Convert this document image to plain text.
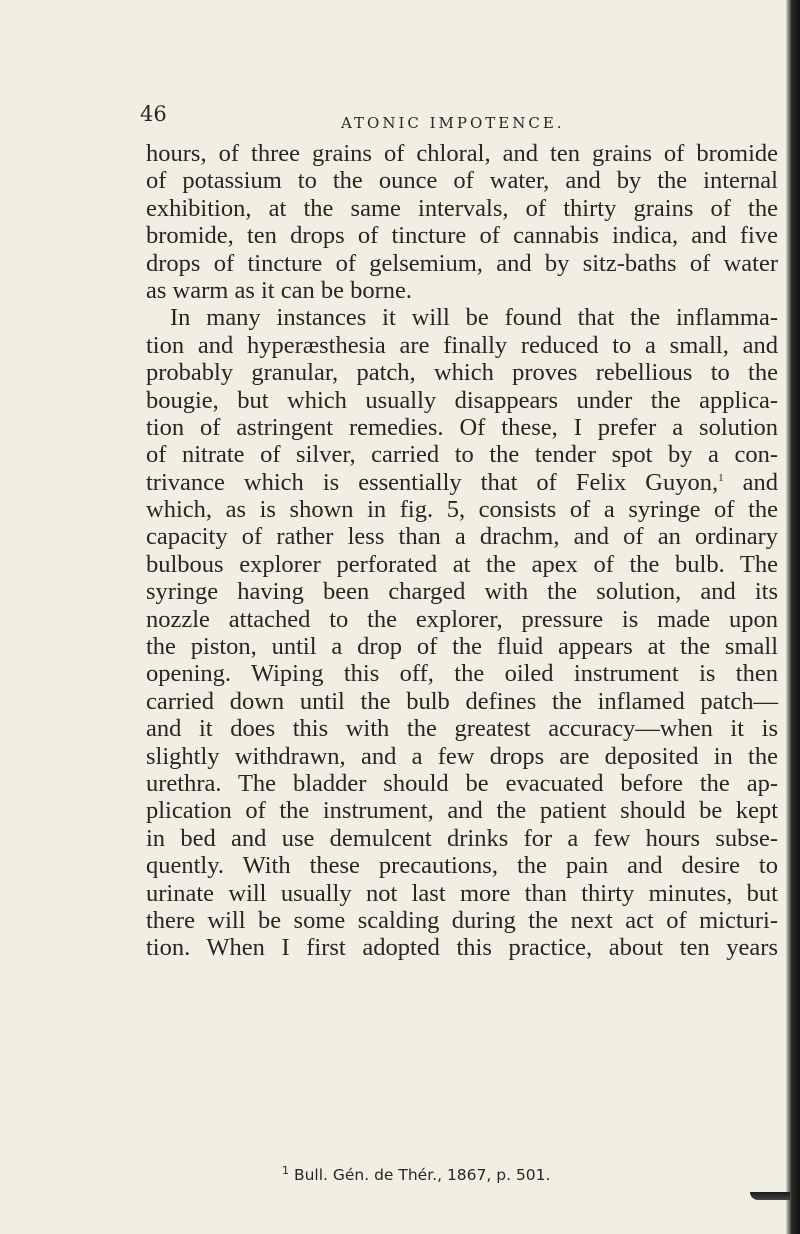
46	ATONIC IMPOTENCE.
hours, of three grains of chloral, and ten grains of bromide
of potassium to the ounce of water, and by the internal
exhibition, at the same intervals, of thirty grains of the
bromide, ten drops of tincture of cannabis indica, and five
drops of tincture of gelsemium, and by sitz-baths of water
as warm as it can be borne.
In many instances it will be found that the inflamma-
tion and hyperæsthesia are finally reduced to a small, and
probably granular, patch, which proves rebellious to the
bougie, but which usually disappears under the applica-
tion of astringent remedies. Of these, I prefer a solution
of nitrate of silver, carried to the tender spot by a con-
trivance which is essentially that of Felix Guyon,$^1$ and
which, as is shown in fig. 5, consists of a syringe of the
capacity of rather less than a drachm, and of an ordinary
bulbous explorer perforated at the apex of the bulb. The
syringe having been charged with the solution, and its
nozzle attached to the explorer, pressure is made upon
the piston, until a drop of the fluid appears at the small
opening. Wiping this off, the oiled instrument is then
carried down until the bulb defines the inflamed patch—
and it does this with the greatest accuracy—when it is
slightly withdrawn, and a few drops are deposited in the
urethra. The bladder should be evacuated before the ap-
plication of the instrument, and the patient should be kept
in bed and use demulcent drinks for a few hours subse-
quently. With these precautions, the pain and desire to
urinate will usually not last more than thirty minutes, but
there will be some scalding during the next act of micturi-
tion. When I first adopted this practice, about ten years
$^1$ Bull. Gén. de Thér., 1867, p. 501.
